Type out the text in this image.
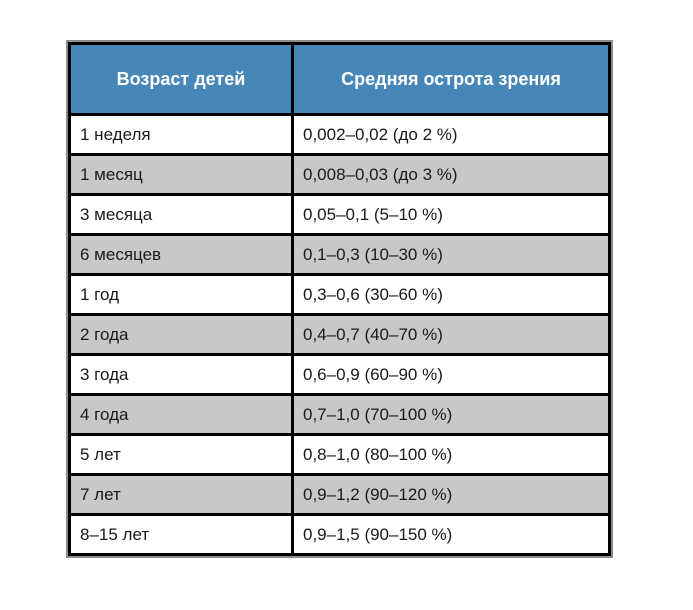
Возраст детей	Средняя острота зрения
1 неделя	0,002–0,02 (до 2 %)
1 месяц	0,008–0,03 (до 3 %)
3 месяца	0,05–0,1 (5–10 %)
6 месяцев	0,1–0,3 (10–30 %)
1 год	0,3–0,6 (30–60 %)
2 года	0,4–0,7 (40–70 %)
3 года	0,6–0,9 (60–90 %)
4 года	0,7–1,0 (70–100 %)
5 лет	0,8–1,0 (80–100 %)
7 лет	0,9–1,2 (90–120 %)
8–15 лет	0,9–1,5 (90–150 %)
